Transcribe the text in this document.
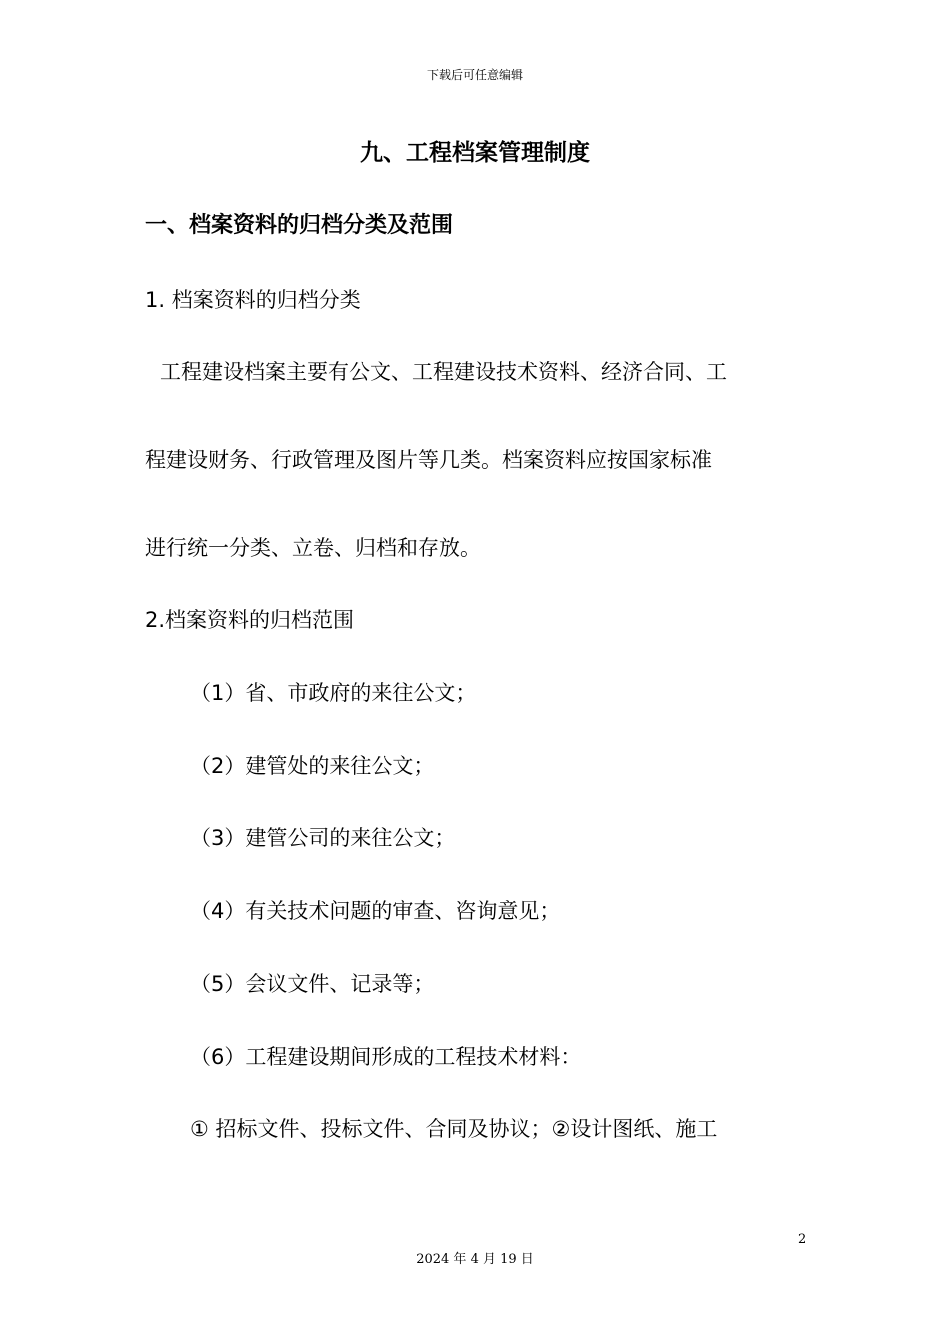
下载后可任意编辑
九、工程档案管理制度
一、档案资料的归档分类及范围
1. 档案资料的归档分类
工程建设档案主要有公文、工程建设技术资料、经济合同、工
程建设财务、行政管理及图片等几类。档案资料应按国家标准
进行统一分类、立卷、归档和存放。
2.档案资料的归档范围
（1）省、市政府的来往公文；
（2）建管处的来往公文；
（3）建管公司的来往公文；
（4）有关技术问题的审查、咨询意见；
（5）会议文件、记录等；
（6）工程建设期间形成的工程技术材料：
① 招标文件、投标文件、合同及协议；②设计图纸、施工
2
2024 年 4 月 19 日
